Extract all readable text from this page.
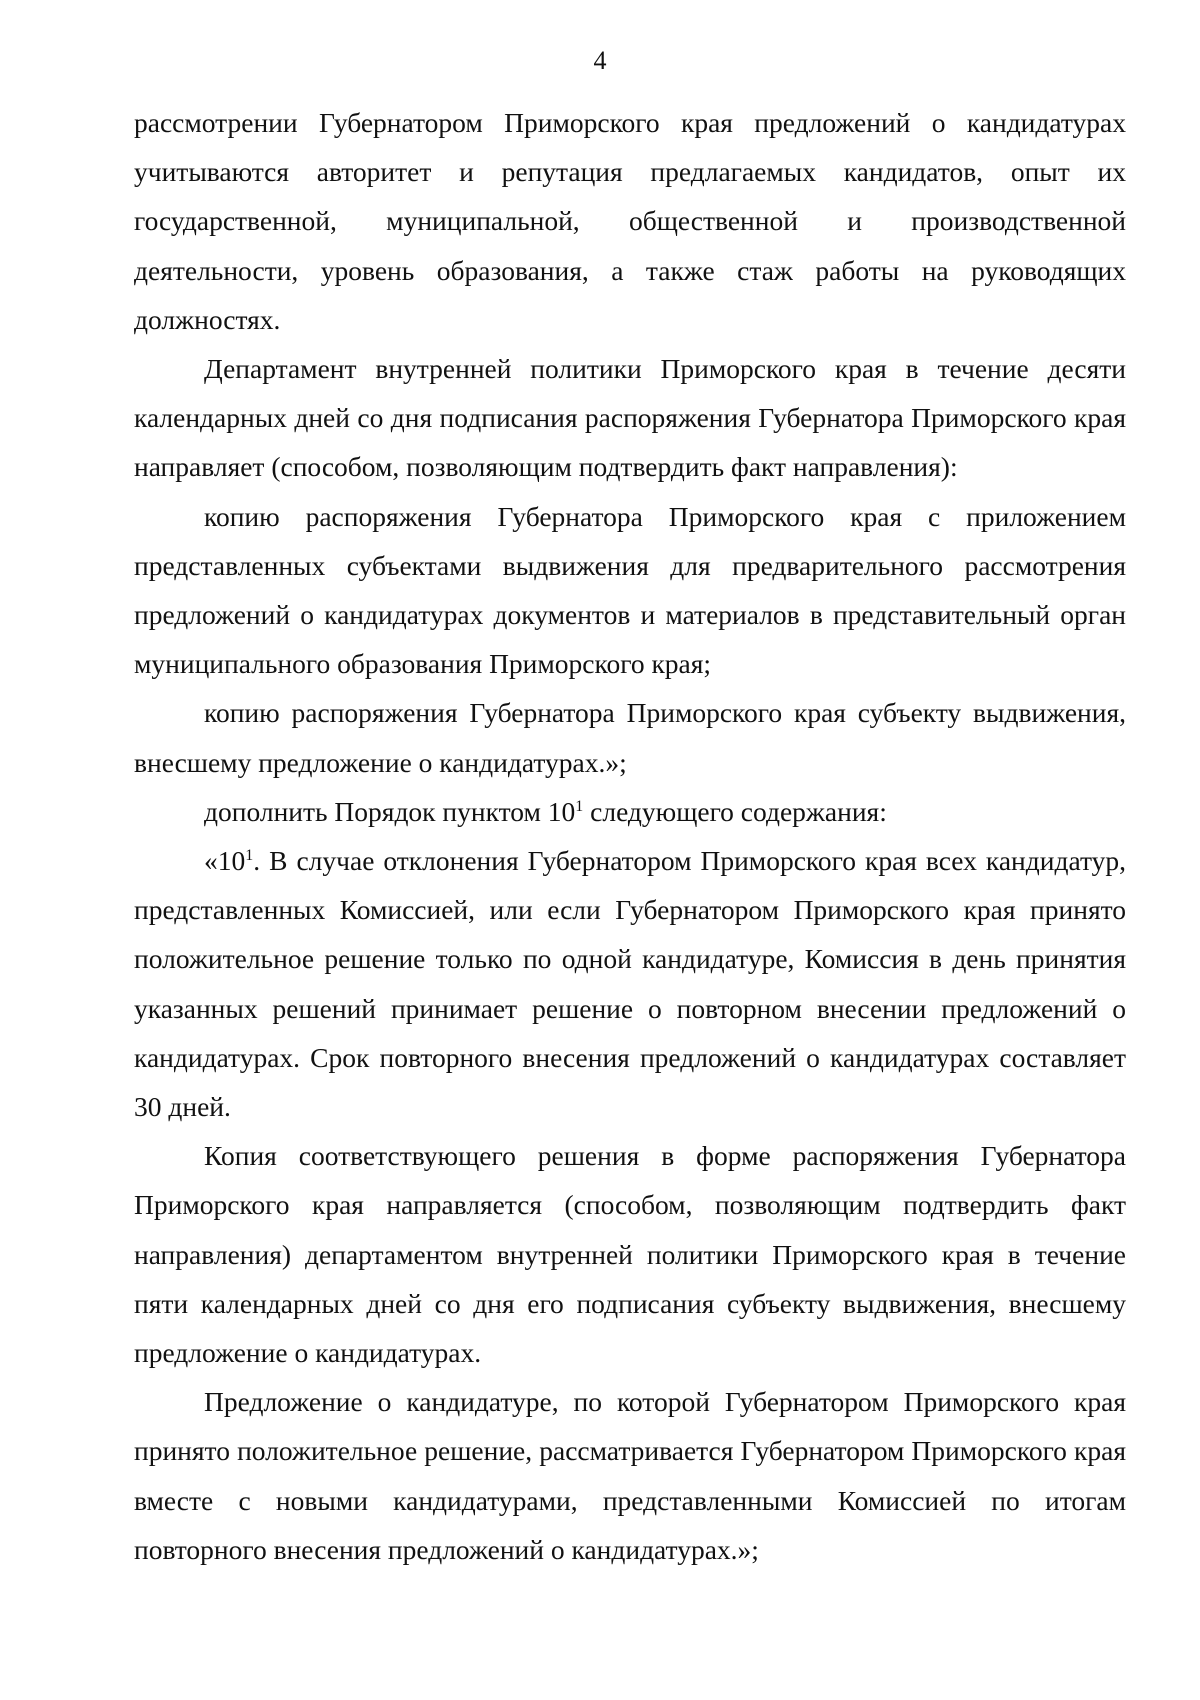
4

рассмотрении Губернатором Приморского края предложений о кандидатурах учитываются авторитет и репутация предлагаемых кандидатов, опыт их государственной, муниципальной, общественной и производственной деятельности, уровень образования, а также стаж работы на руководящих должностях.

Департамент внутренней политики Приморского края в течение десяти календарных дней со дня подписания распоряжения Губернатора Приморского края направляет (способом, позволяющим подтвердить факт направления):

копию распоряжения Губернатора Приморского края с приложением представленных субъектами выдвижения для предварительного рассмотрения предложений о кандидатурах документов и материалов в представительный орган муниципального образования Приморского края;

копию распоряжения Губернатора Приморского края субъекту выдвижения, внесшему предложение о кандидатурах.»;

дополнить Порядок пунктом $10^1$ следующего содержания:

«$10^1$. В случае отклонения Губернатором Приморского края всех кандидатур, представленных Комиссией, или если Губернатором Приморского края принято положительное решение только по одной кандидатуре, Комиссия в день принятия указанных решений принимает решение о повторном внесении предложений о кандидатурах. Срок повторного внесения предложений о кандидатурах составляет 30 дней.

Копия соответствующего решения в форме распоряжения Губернатора Приморского края направляется (способом, позволяющим подтвердить факт направления) департаментом внутренней политики Приморского края в течение пяти календарных дней со дня его подписания субъекту выдвижения, внесшему предложение о кандидатурах.

Предложение о кандидатуре, по которой Губернатором Приморского края принято положительное решение, рассматривается Губернатором Приморского края вместе с новыми кандидатурами, представленными Комиссией по итогам повторного внесения предложений о кандидатурах.»;
